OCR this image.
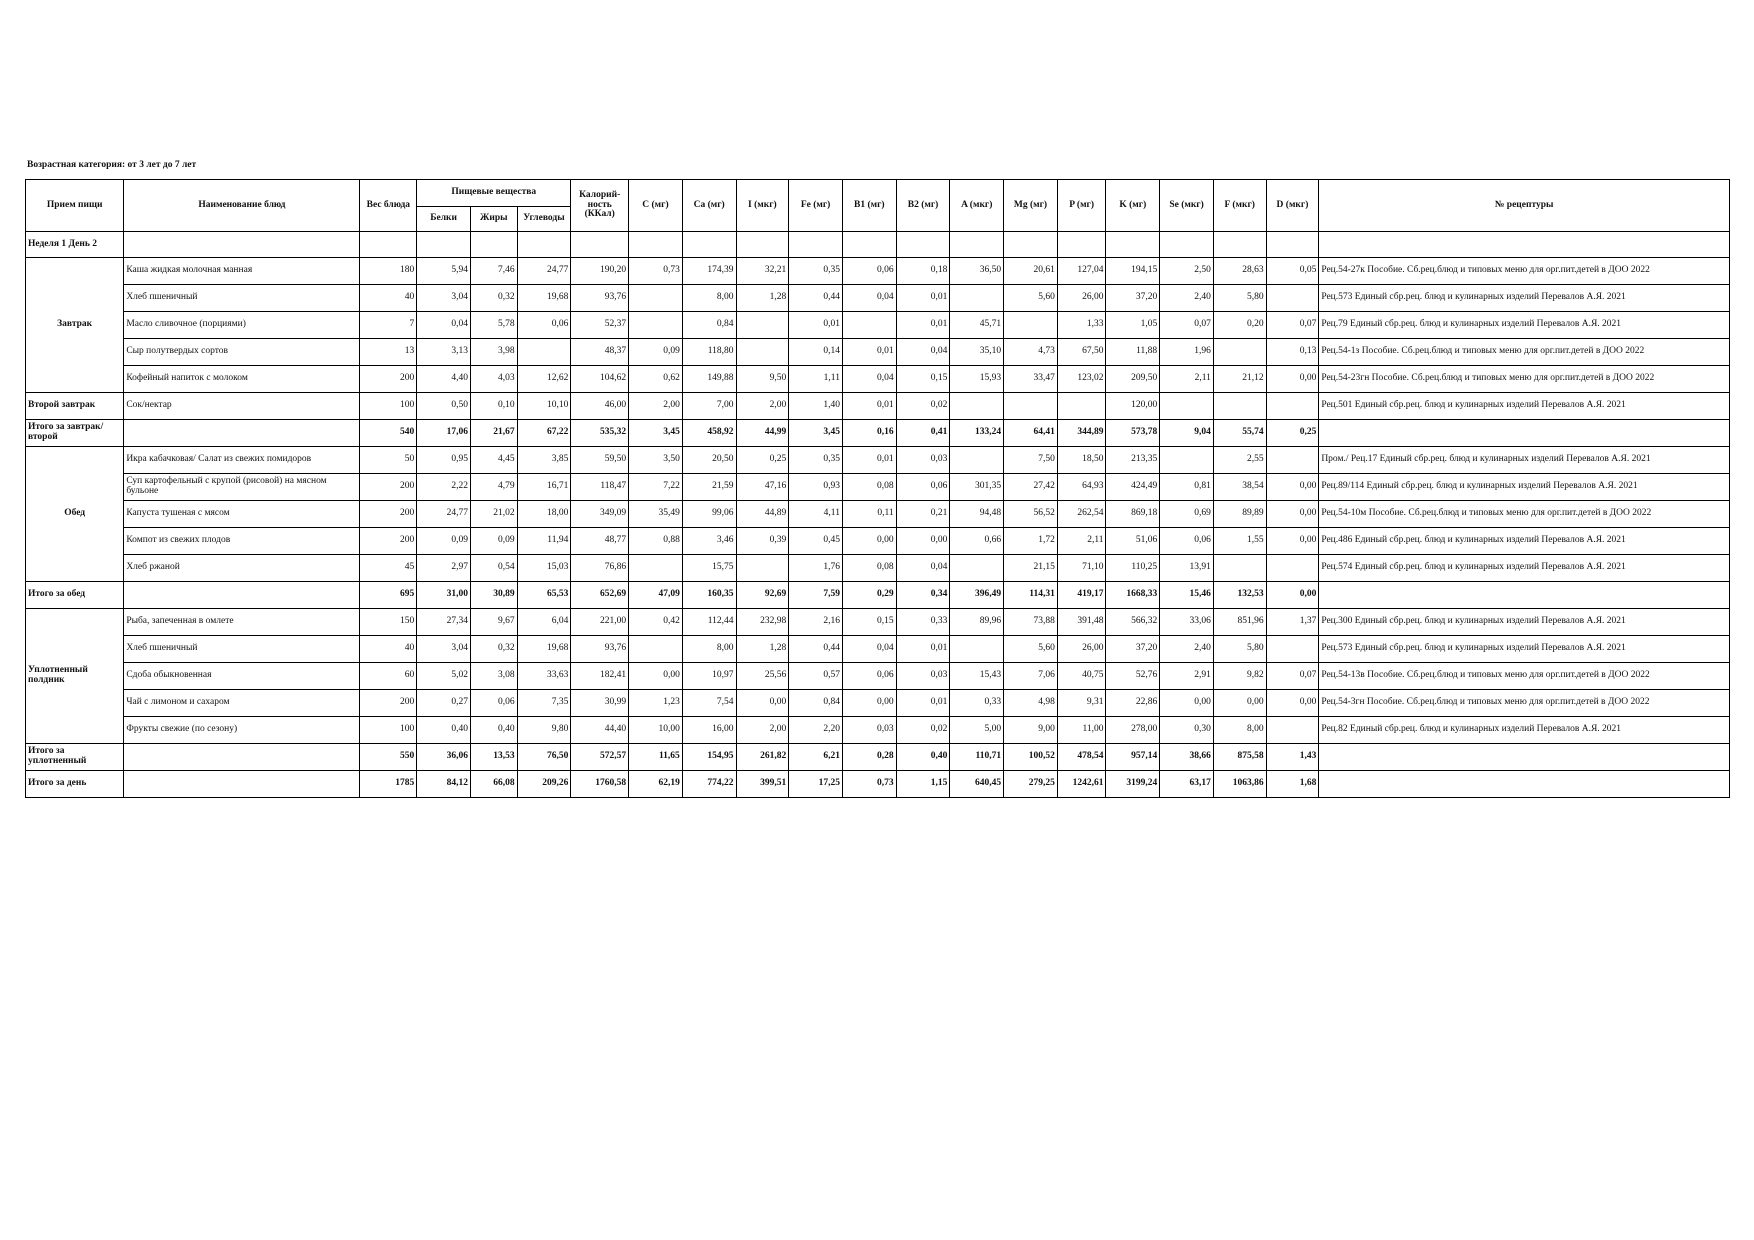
Возрастная категория: от 3 лет до 7 лет
Прием пищи	Наименование блюд	Вес блюда	Пищевые вещества			Калорий-ность (ККал)	C (мг)	Ca (мг)	I (мкг)	Fe (мг)	B1 (мг)	B2 (мг)	A (мкг)	Mg (мг)	P (мг)	K (мг)	Se (мкг)	F (мкг)	D (мкг)	№ рецептуры
			Белки	Жиры	Углеводы															
Неделя 1 День 2																				
Завтрак	Каша жидкая молочная манная	180	5,94	7,46	24,77	190,20	0,73	174,39	32,21	0,35	0,06	0,18	36,50	20,61	127,04	194,15	2,50	28,63	0,05	Рец.54-27к Пособие. Сб.рец.блюд и типовых меню для орг.пит.детей в ДОО 2022
	Хлеб пшеничный	40	3,04	0,32	19,68	93,76		8,00	1,28	0,44	0,04	0,01		5,60	26,00	37,20	2,40	5,80		Рец.573 Единый сбр.рец. блюд и кулинарных изделий Перевалов А.Я. 2021
	Масло сливочное (порциями)	7	0,04	5,78	0,06	52,37		0,84		0,01		0,01	45,71		1,33	1,05	0,07	0,20	0,07	Рец.79 Единый сбр.рец. блюд и кулинарных изделий Перевалов А.Я. 2021
	Сыр полутвердых сортов	13	3,13	3,98		48,37	0,09	118,80		0,14	0,01	0,04	35,10	4,73	67,50	11,88	1,96		0,13	Рец.54-1з Пособие. Сб.рец.блюд и типовых меню для орг.пит.детей в ДОО 2022
	Кофейный напиток с молоком	200	4,40	4,03	12,62	104,62	0,62	149,88	9,50	1,11	0,04	0,15	15,93	33,47	123,02	209,50	2,11	21,12	0,00	Рец.54-23гн Пособие. Сб.рец.блюд и типовых меню для орг.пит.детей в ДОО 2022
Второй завтрак	Сок/нектар	100	0,50	0,10	10,10	46,00	2,00	7,00	2,00	1,40	0,01	0,02				120,00				Рец.501 Единый сбр.рец. блюд и кулинарных изделий Перевалов А.Я. 2021
Итого за завтрак/второй		540	17,06	21,67	67,22	535,32	3,45	458,92	44,99	3,45	0,16	0,41	133,24	64,41	344,89	573,78	9,04	55,74	0,25	
Обед	Икра кабачковая/ Салат из свежих помидоров	50	0,95	4,45	3,85	59,50	3,50	20,50	0,25	0,35	0,01	0,03		7,50	18,50	213,35		2,55		Пром./ Рец.17 Единый сбр.рец. блюд и кулинарных изделий Перевалов А.Я. 2021
	Суп картофельный с крупой (рисовой) на мясном бульоне	200	2,22	4,79	16,71	118,47	7,22	21,59	47,16	0,93	0,08	0,06	301,35	27,42	64,93	424,49	0,81	38,54	0,00	Рец.89/114 Единый сбр.рец. блюд и кулинарных изделий Перевалов А.Я. 2021
	Капуста тушеная с мясом	200	24,77	21,02	18,00	349,09	35,49	99,06	44,89	4,11	0,11	0,21	94,48	56,52	262,54	869,18	0,69	89,89	0,00	Рец.54-10м Пособие. Сб.рец.блюд и типовых меню для орг.пит.детей в ДОО 2022
	Компот из свежих плодов	200	0,09	0,09	11,94	48,77	0,88	3,46	0,39	0,45	0,00	0,00	0,66	1,72	2,11	51,06	0,06	1,55	0,00	Рец.486 Единый сбр.рец. блюд и кулинарных изделий Перевалов А.Я. 2021
	Хлеб ржаной	45	2,97	0,54	15,03	76,86		15,75		1,76	0,08	0,04		21,15	71,10	110,25	13,91			Рец.574 Единый сбр.рец. блюд и кулинарных изделий Перевалов А.Я. 2021
Итого за обед		695	31,00	30,89	65,53	652,69	47,09	160,35	92,69	7,59	0,29	0,34	396,49	114,31	419,17	1668,33	15,46	132,53	0,00	
Уплотненный полдник	Рыба, запеченная в омлете	150	27,34	9,67	6,04	221,00	0,42	112,44	232,98	2,16	0,15	0,33	89,96	73,88	391,48	566,32	33,06	851,96	1,37	Рец.300 Единый сбр.рец. блюд и кулинарных изделий Перевалов А.Я. 2021
	Хлеб пшеничный	40	3,04	0,32	19,68	93,76		8,00	1,28	0,44	0,04	0,01		5,60	26,00	37,20	2,40	5,80		Рец.573 Единый сбр.рец. блюд и кулинарных изделий Перевалов А.Я. 2021
	Сдоба обыкновенная	60	5,02	3,08	33,63	182,41	0,00	10,97	25,56	0,57	0,06	0,03	15,43	7,06	40,75	52,76	2,91	9,82	0,07	Рец.54-13в Пособие. Сб.рец.блюд и типовых меню для орг.пит.детей в ДОО 2022
	Чай с лимоном и сахаром	200	0,27	0,06	7,35	30,99	1,23	7,54	0,00	0,84	0,00	0,01	0,33	4,98	9,31	22,86	0,00	0,00	0,00	Рец.54-3гн Пособие. Сб.рец.блюд и типовых меню для орг.пит.детей в ДОО 2022
	Фрукты свежие (по сезону)	100	0,40	0,40	9,80	44,40	10,00	16,00	2,00	2,20	0,03	0,02	5,00	9,00	11,00	278,00	0,30	8,00		Рец.82 Единый сбр.рец. блюд и кулинарных изделий Перевалов А.Я. 2021
Итого за уплотненный		550	36,06	13,53	76,50	572,57	11,65	154,95	261,82	6,21	0,28	0,40	110,71	100,52	478,54	957,14	38,66	875,58	1,43	
Итого за день		1785	84,12	66,08	209,26	1760,58	62,19	774,22	399,51	17,25	0,73	1,15	640,45	279,25	1242,61	3199,24	63,17	1063,86	1,68	
